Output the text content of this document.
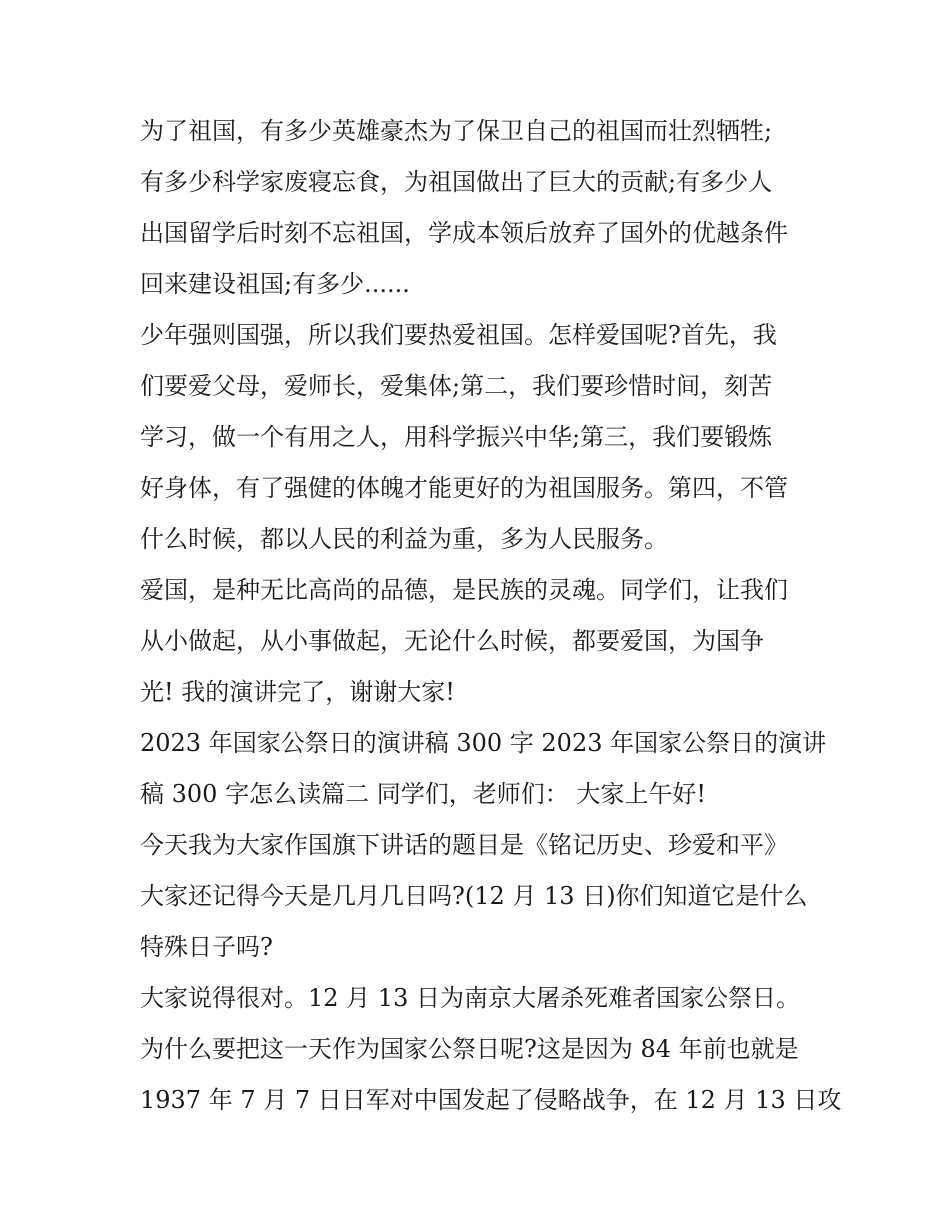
为了祖国，有多少英雄豪杰为了保卫自己的祖国而壮烈牺牲;
有多少科学家废寝忘食，为祖国做出了巨大的贡献;有多少人
出国留学后时刻不忘祖国，学成本领后放弃了国外的优越条件
回来建设祖国;有多少......
少年强则国强，所以我们要热爱祖国。怎样爱国呢?首先，我
们要爱父母，爱师长，爱集体;第二，我们要珍惜时间，刻苦
学习，做一个有用之人，用科学振兴中华;第三，我们要锻炼
好身体，有了强健的体魄才能更好的为祖国服务。第四，不管
什么时候，都以人民的利益为重，多为人民服务。
爱国，是种无比高尚的品德，是民族的灵魂。同学们，让我们
从小做起，从小事做起，无论什么时候，都要爱国，为国争
光! 我的演讲完了，谢谢大家!
2023 年国家公祭日的演讲稿 300 字 2023 年国家公祭日的演讲
稿 300 字怎么读篇二 同学们，老师们： 大家上午好!
今天我为大家作国旗下讲话的题目是《铭记历史、珍爱和平》
大家还记得今天是几月几日吗?(12 月 13 日)你们知道它是什么
特殊日子吗?
大家说得很对。12 月 13 日为南京大屠杀死难者国家公祭日。
为什么要把这一天作为国家公祭日呢?这是因为 84 年前也就是
1937 年 7 月 7 日日军对中国发起了侵略战争，在 12 月 13 日攻
